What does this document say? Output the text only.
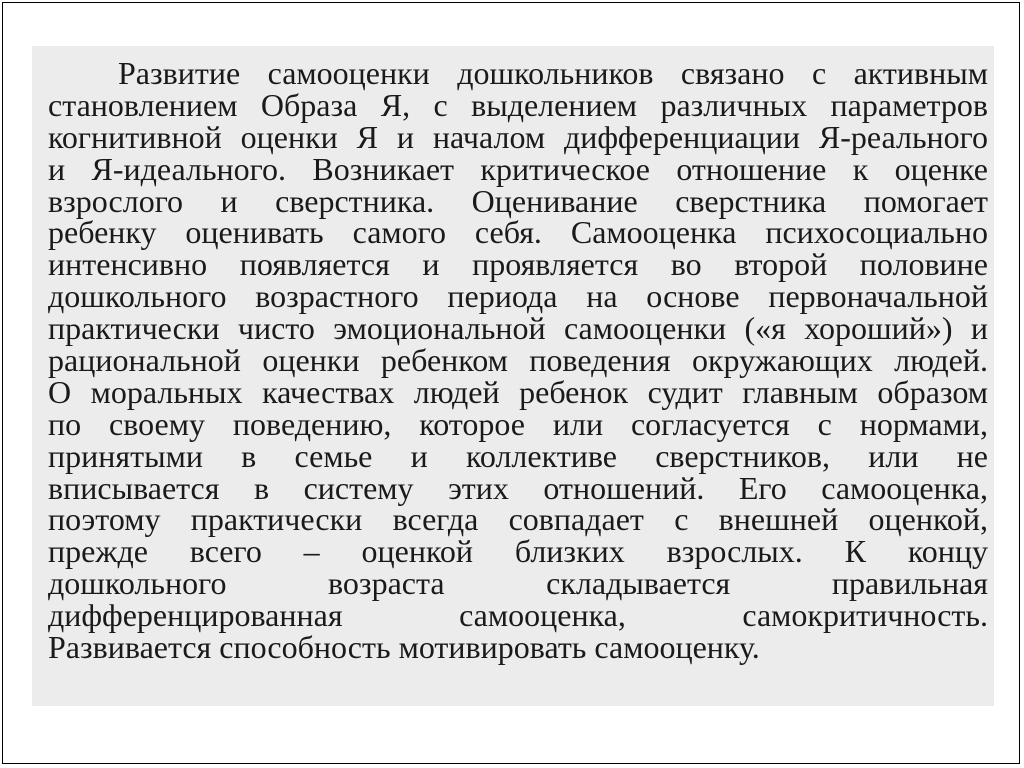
Развитие самооценки дошкольников связано с активным
становлением Образа Я, с выделением различных параметров
когнитивной оценки Я и началом дифференциации Я-реального
и Я-идеального. Возникает критическое отношение к оценке
взрослого и сверстника. Оценивание сверстника помогает
ребенку оценивать самого себя. Самооценка психосоциально
интенсивно появляется и проявляется во второй половине
дошкольного возрастного периода на основе первоначальной
практически чисто эмоциональной самооценки («я хороший») и
рациональной оценки ребенком поведения окружающих людей.
О моральных качествах людей ребенок судит главным образом
по своему поведению, которое или согласуется с нормами,
принятыми в семье и коллективе сверстников, или не
вписывается в систему этих отношений. Его самооценка,
поэтому практически всегда совпадает с внешней оценкой,
прежде всего – оценкой близких взрослых. К концу
дошкольного возраста складывается правильная
дифференцированная самооценка, самокритичность.
Развивается способность мотивировать самооценку.
